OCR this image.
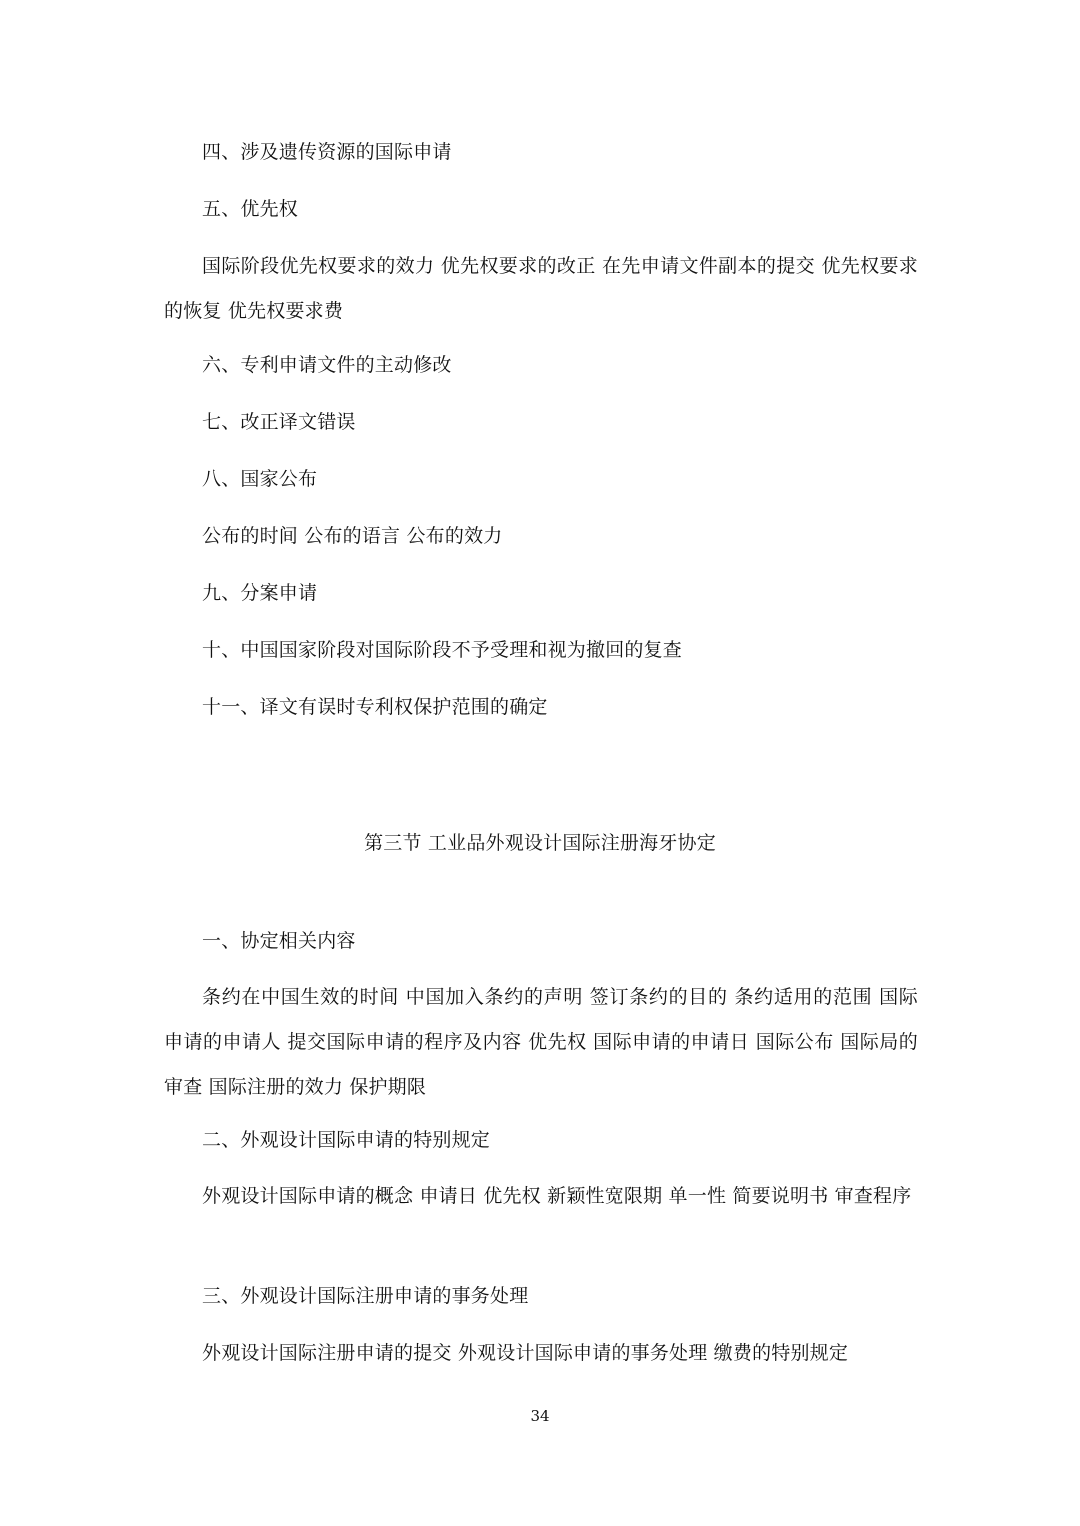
四、涉及遗传资源的国际申请

五、优先权

国际阶段优先权要求的效力 优先权要求的改正 在先申请文件副本的提交 优先权要求的恢复 优先权要求费

六、专利申请文件的主动修改

七、改正译文错误

八、国家公布

公布的时间 公布的语言 公布的效力

九、分案申请

十、中国国家阶段对国际阶段不予受理和视为撤回的复查

十一、译文有误时专利权保护范围的确定

第三节 工业品外观设计国际注册海牙协定

一、协定相关内容

条约在中国生效的时间 中国加入条约的声明 签订条约的目的 条约适用的范围 国际申请的申请人 提交国际申请的程序及内容 优先权 国际申请的申请日 国际公布 国际局的审查 国际注册的效力 保护期限

二、外观设计国际申请的特别规定

外观设计国际申请的概念 申请日 优先权 新颖性宽限期 单一性 简要说明书 审查程序

三、外观设计国际注册申请的事务处理

外观设计国际注册申请的提交 外观设计国际申请的事务处理 缴费的特别规定

34
